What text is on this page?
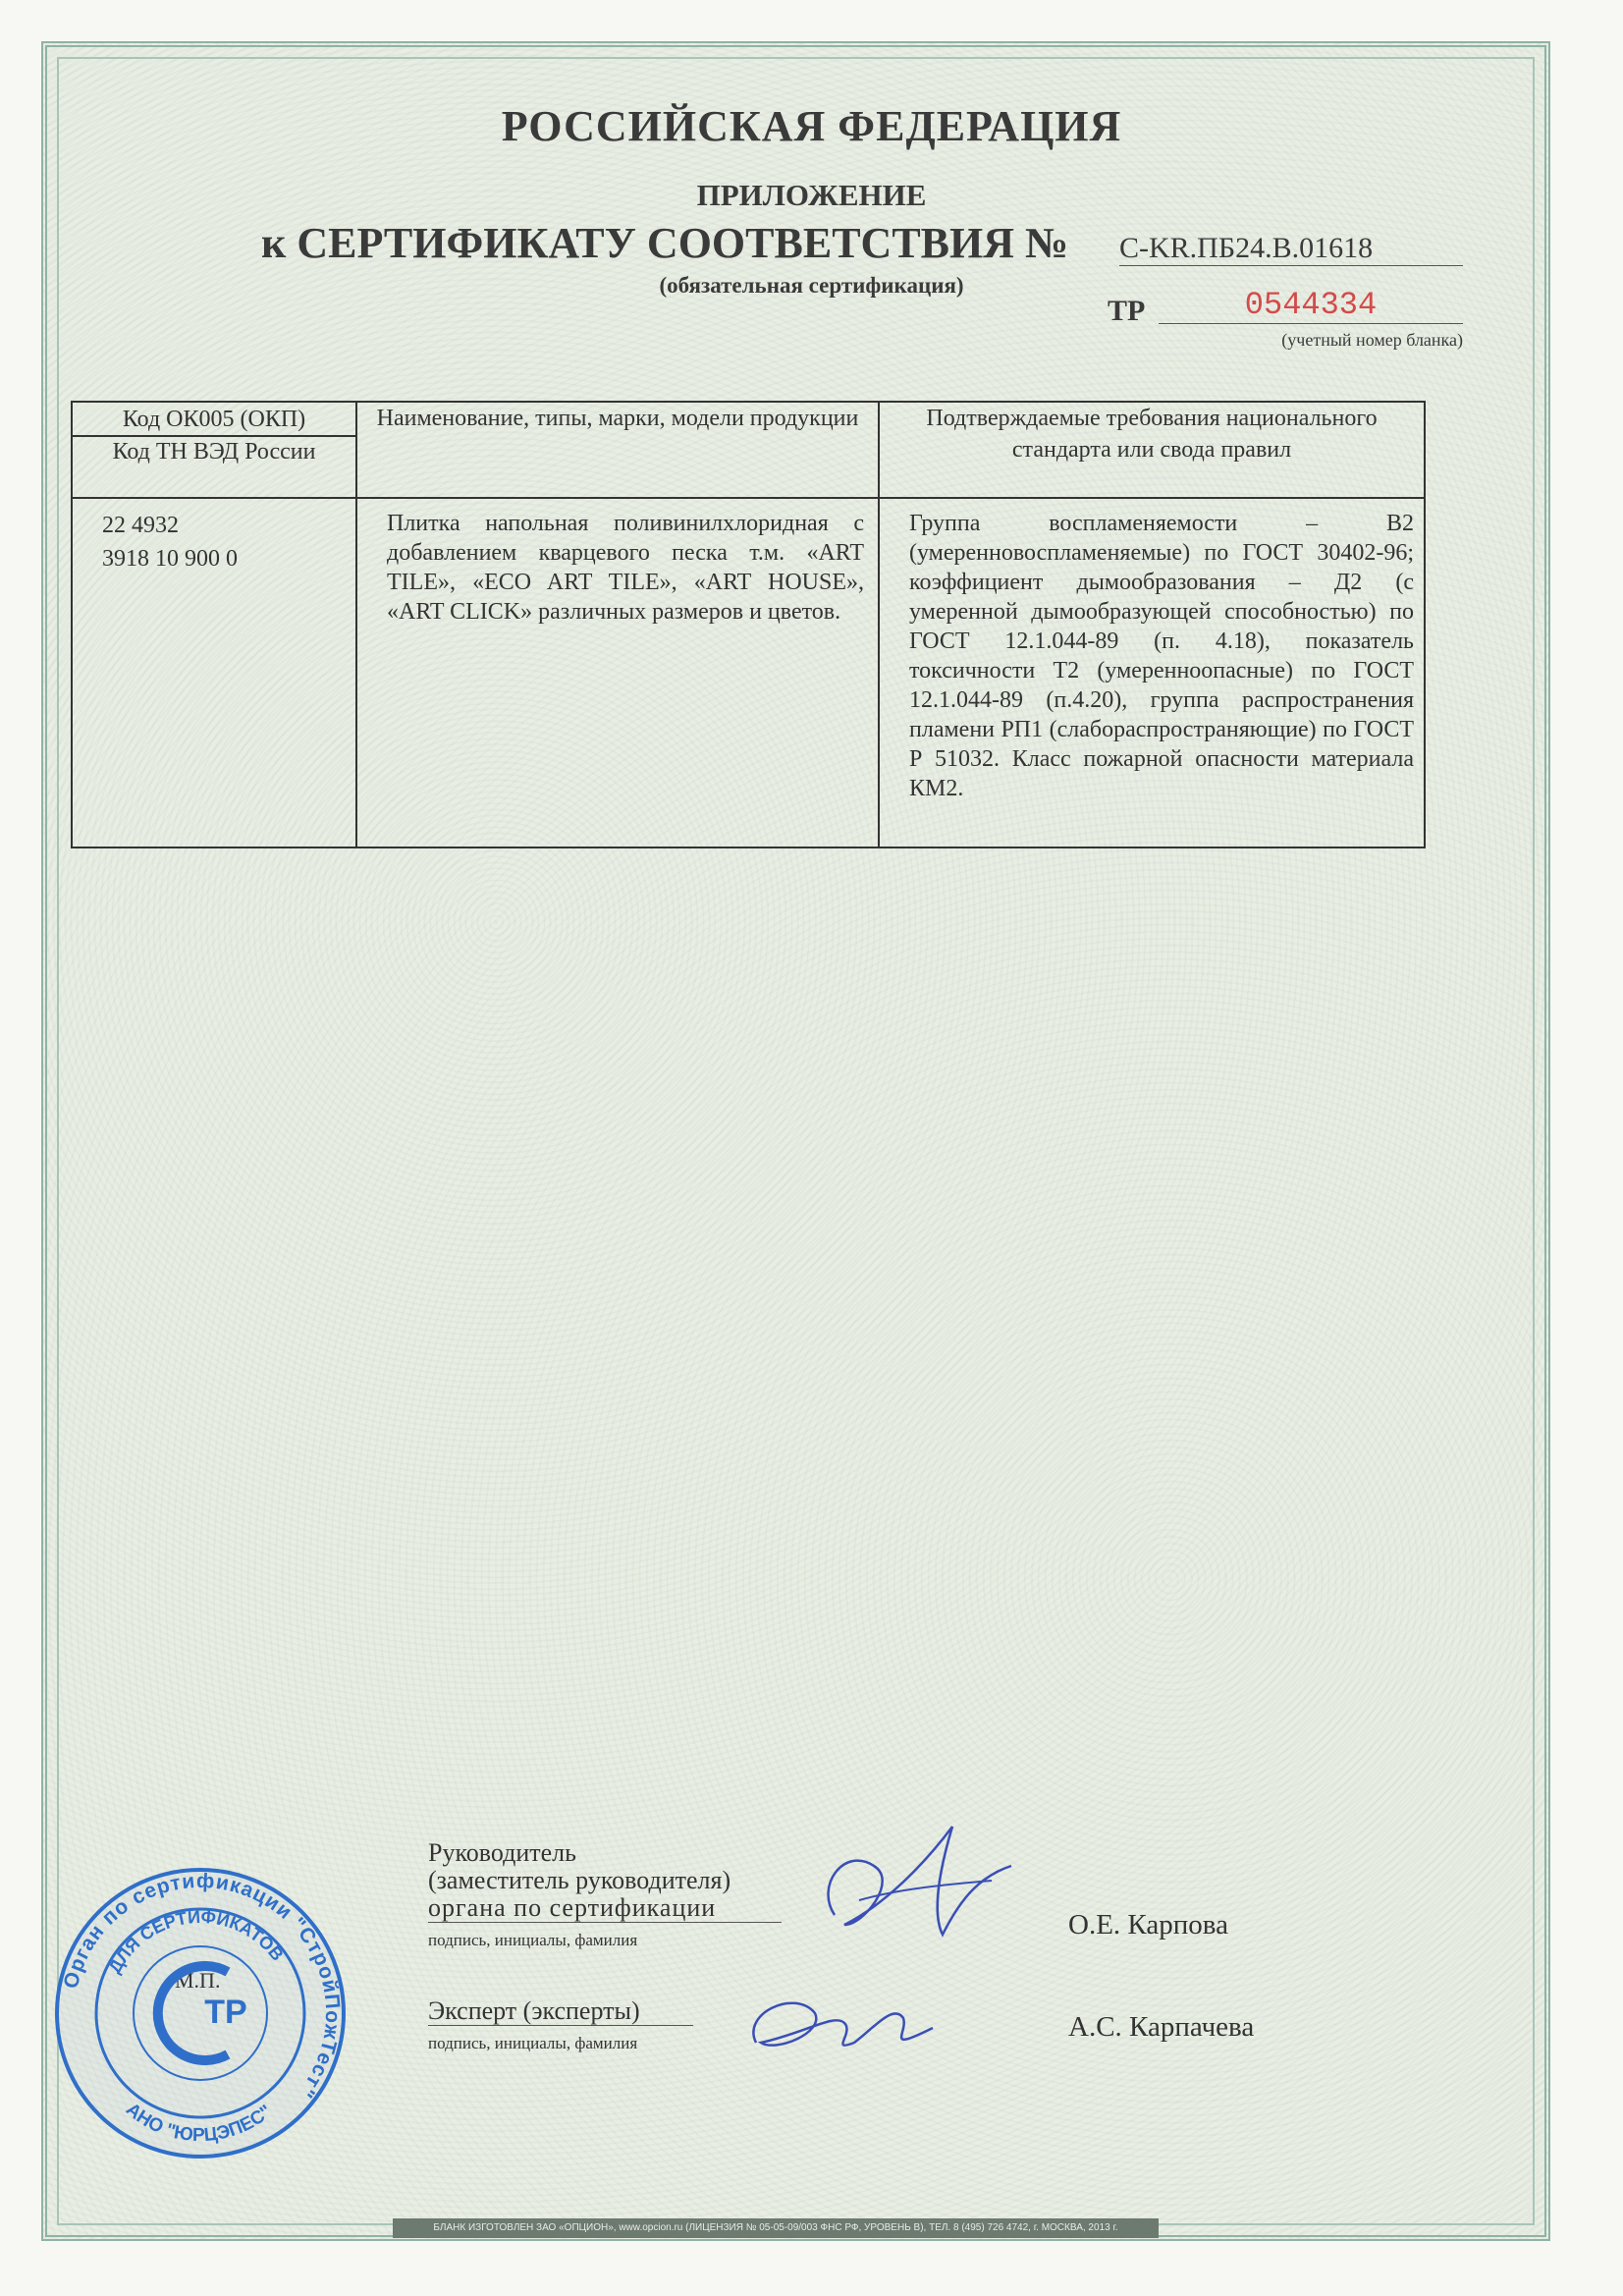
РОССИЙСКАЯ ФЕДЕРАЦИЯ
ПРИЛОЖЕНИЕ
к СЕРТИФИКАТУ СООТВЕТСТВИЯ № С-KR.ПБ24.В.01618
(обязательная сертификация)
ТР	0544334
(учетный номер бланка)
Код ОК005 (ОКП)
Код ТН ВЭД России	Наименование, типы, марки, модели продукции	Подтверждаемые требования национального стандарта или свода правил

22 4932
3918 10 900 0	Плитка напольная поливинилхлоридная с добавлением кварцевого песка т.м. «ART TILE», «ECO ART TILE», «ART HOUSE», «ART CLICK» различных размеров и цветов.	Группа воспламеняемости – В2 (умеренновоспламеняемые) по ГОСТ 30402-96; коэффициент дымообразования – Д2 (с умеренной дымообразующей способностью) по ГОСТ 12.1.044-89 (п. 4.18), показатель токсичности Т2 (умеренноопасные) по ГОСТ 12.1.044-89 (п.4.20), группа распространения пламени РП1 (слабораспространяющие) по ГОСТ Р 51032. Класс пожарной опасности материала КМ2.
Руководитель
(заместитель руководителя)
органа по сертификации
подпись, инициалы, фамилия	О.Е. Карпова
Эксперт (эксперты)
подпись, инициалы, фамилия
А.С. Карпачева
Орган по сертификации "СтройПожТест"
ДЛЯ СЕРТИФИКАТОВ
АНО "ЮРЦЭПЕС"
ТР
БЛАНК ИЗГОТОВЛЕН ЗАО «ОПЦИОН», www.opcion.ru (ЛИЦЕНЗИЯ № 05-05-09/003 ФНС РФ, УРОВЕНЬ В), ТЕЛ. 8 (495) 726 4742, г. МОСКВА, 2013 г.
